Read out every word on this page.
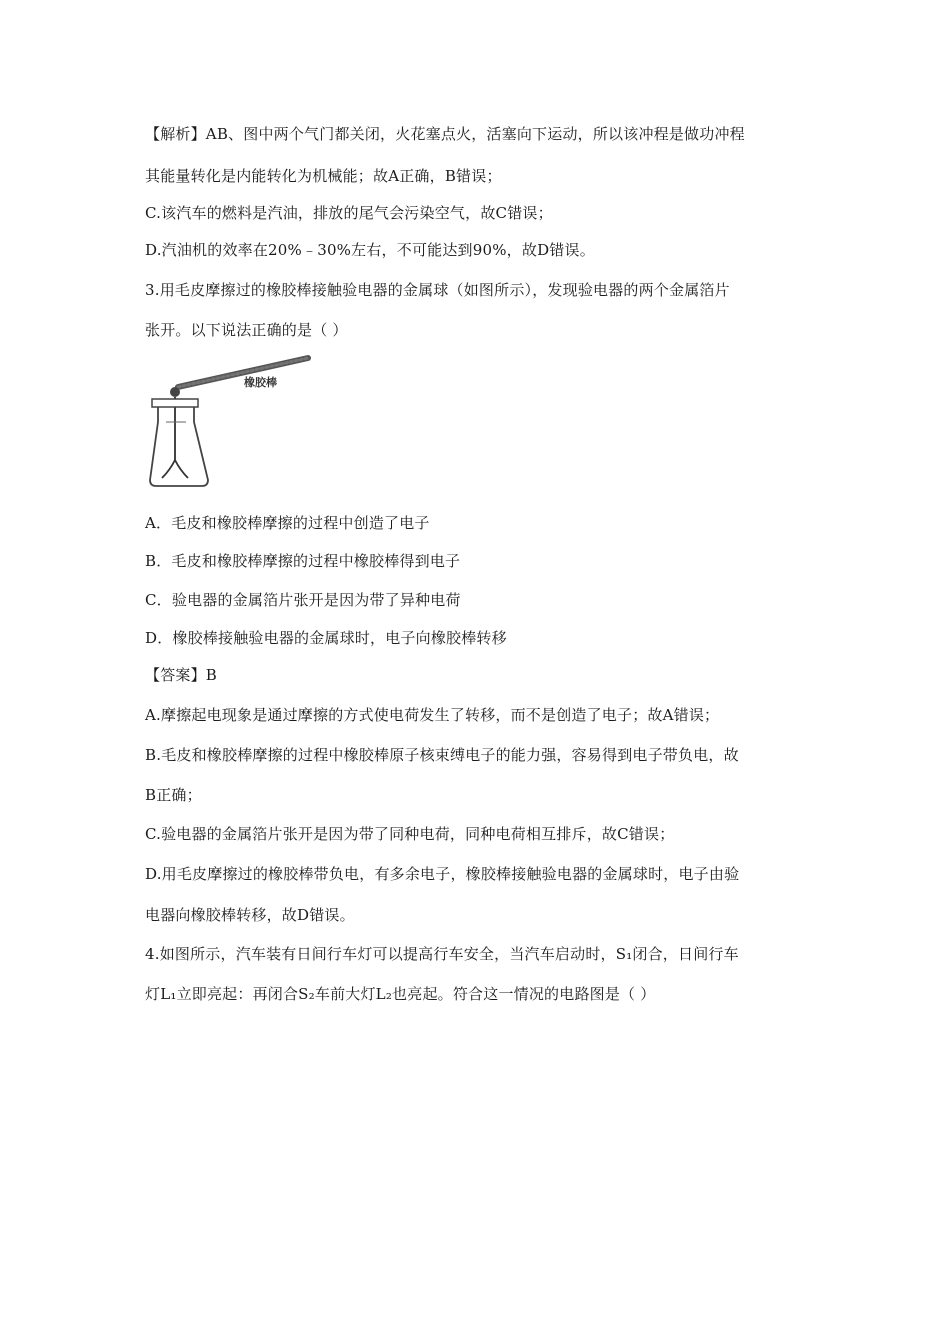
【解析】AB、图中两个气门都关闭，火花塞点火，活塞向下运动，所以该冲程是做功冲程
其能量转化是内能转化为机械能；故A正确，B错误；
C.该汽车的燃料是汽油，排放的尾气会污染空气，故C错误；
D.汽油机的效率在20%﹣30%左右，不可能达到90%，故D错误。
3.用毛皮摩擦过的橡胶棒接触验电器的金属球（如图所示），发现验电器的两个金属箔片
张开。以下说法正确的是（ ）
橡胶棒
A．毛皮和橡胶棒摩擦的过程中创造了电子
B．毛皮和橡胶棒摩擦的过程中橡胶棒得到电子
C．验电器的金属箔片张开是因为带了异种电荷
D．橡胶棒接触验电器的金属球时，电子向橡胶棒转移
【答案】B
A.摩擦起电现象是通过摩擦的方式使电荷发生了转移，而不是创造了电子；故A错误；
B.毛皮和橡胶棒摩擦的过程中橡胶棒原子核束缚电子的能力强，容易得到电子带负电，故
B正确；
C.验电器的金属箔片张开是因为带了同种电荷，同种电荷相互排斥，故C错误；
D.用毛皮摩擦过的橡胶棒带负电，有多余电子，橡胶棒接触验电器的金属球时，电子由验
电器向橡胶棒转移，故D错误。
4.如图所示，汽车装有日间行车灯可以提高行车安全，当汽车启动时，S₁闭合，日间行车
灯L₁立即亮起：再闭合S₂车前大灯L₂也亮起。符合这一情况的电路图是（ ）
